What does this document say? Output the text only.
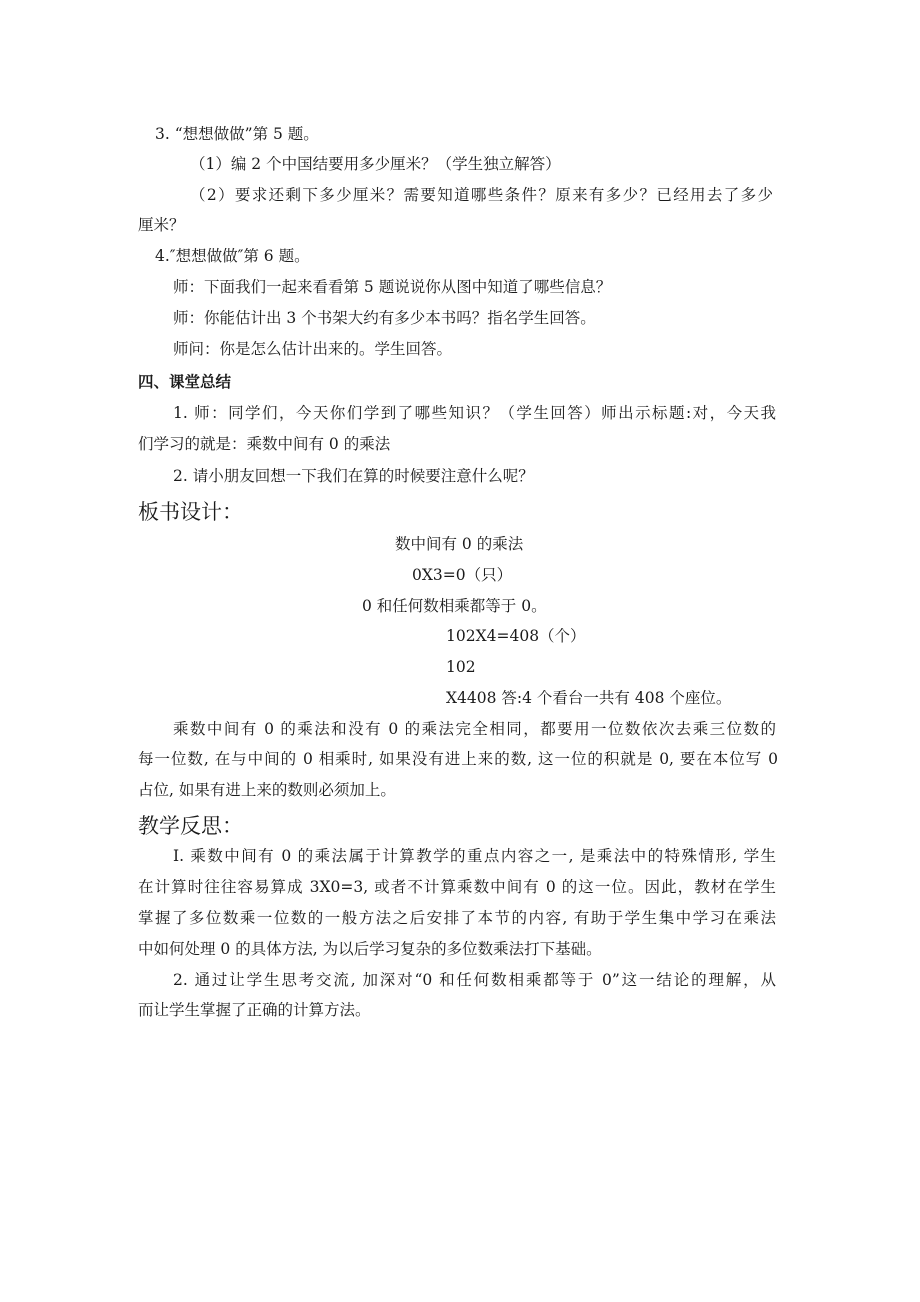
3. “想想做做”第 5 题。
（1）编 2 个中国结要用多少厘米？（学生独立解答）
（2）要求还剩下多少厘米？需要知道哪些条件？原来有多少？已经用去了多少
厘米？
4.″想想做做″第 6 题。
师：下面我们一起来看看第 5 题说说你从图中知道了哪些信息？
师：你能估计出 3 个书架大约有多少本书吗？指名学生回答。
师问：你是怎么估计出来的。学生回答。
四、课堂总结
1. 师：同学们，今天你们学到了哪些知识？（学生回答）师出示标题:对，今天我
们学习的就是：乘数中间有 0 的乘法
2. 请小朋友回想一下我们在算的时候要注意什么呢？
板书设计：
数中间有 0 的乘法
0X3=0（只）
0 和任何数相乘都等于 0。
102X4=408（个）
102
X4408 答:4 个看台一共有 408 个座位。
乘数中间有 0 的乘法和没有 0 的乘法完全相同，都要用一位数依次去乘三位数的
每一位数, 在与中间的 0 相乘时, 如果没有进上来的数, 这一位的积就是 0, 要在本位写 0
占位, 如果有进上来的数则必须加上。
教学反思：
I. 乘数中间有 0 的乘法属于计算教学的重点内容之一, 是乘法中的特殊情形, 学生
在计算时往往容易算成 3X0=3, 或者不计算乘数中间有 0 的这一位。因此，教材在学生
掌握了多位数乘一位数的一般方法之后安排了本节的内容, 有助于学生集中学习在乘法
中如何处理 0 的具体方法, 为以后学习复杂的多位数乘法打下基础。
2. 通过让学生思考交流, 加深对“0 和任何数相乘都等于 0”这一结论的理解，从
而让学生掌握了正确的计算方法。
